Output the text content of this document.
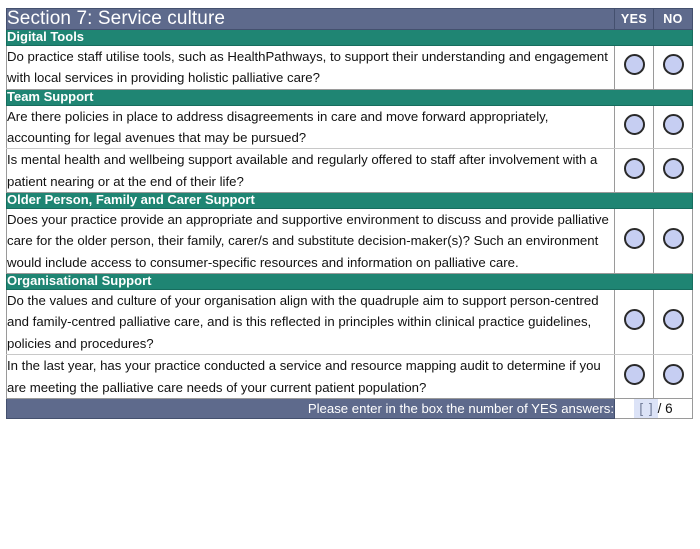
Section 7: Service culture	YES	NO
Digital Tools		
Do practice staff utilise tools, such as HealthPathways, to support their understanding and engagement with local services in providing holistic palliative care?		
Team Support		
Are there policies in place to address disagreements in care and move forward appropriately, accounting for legal avenues that may be pursued?		
Is mental health and wellbeing support available and regularly offered to staff after involvement with a patient nearing or at the end of their life?		
Older Person, Family and Carer Support		
Does your practice provide an appropriate and supportive environment to discuss and provide palliative care for the older person, their family, carer/s and substitute decision-maker(s)? Such an environment would include access to consumer-specific resources and information on palliative care.		
Organisational Support		
Do the values and culture of your organisation align with the quadruple aim to support person-centred and family-centred palliative care, and is this reflected in principles within clinical practice guidelines, policies and procedures?		
In the last year, has your practice conducted a service and resource mapping audit to determine if you are meeting the palliative care needs of your current patient population?		
Please enter in the box the number of YES answers:	[ ] / 6	
